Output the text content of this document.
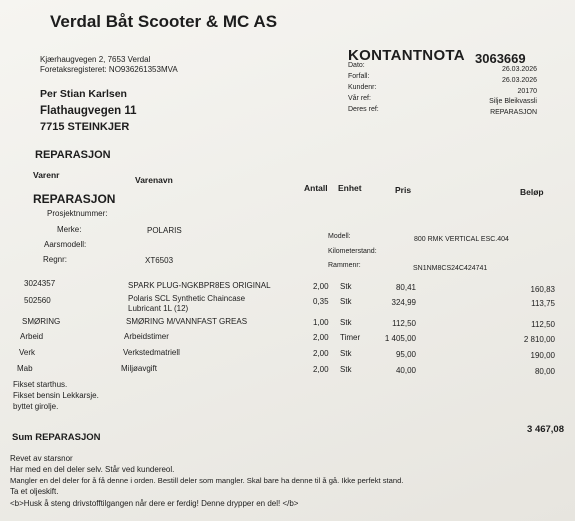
Verdal Båt Scooter & MC AS
Kjærhaugvegen 2, 7653 Verdal
Foretaksregisteret: NO936261353MVA
KONTANTNOTA 3063669
Dato:
26.03.2026
Forfall:
26.03.2026
Kundenr:
20170
Vår ref:	Silje Bleikvassli
Deres ref:	REPARASJON
Per Stian Karlsen
Flathaugvegen 11
7715 STEINKJER
REPARASJON
Varenr	Varenavn
Antall Enhet	Pris	Beløp
REPARASJON
Prosjektnummer:
Merke:	POLARIS
Aarsmodell:
Regnr:	XT6503
Modell:	800 RMK VERTICAL ESC.404
Kilometerstand:
Rammenr:	SN1NM8CS24C424741
3024357	SPARK PLUG-NGKBPR8ES ORIGINAL	2,00 Stk	80,41	160,83
502560	Polaris SCL Synthetic Chaincase
Lubricant 1L (12)
0,35 Stk	324,99	113,75
SMØRING	SMØRING M/VANNFAST GREAS	1,00 Stk	112,50	112,50
Arbeid	Arbeidstimer	2,00 Timer	1 405,00	2 810,00
Verk	Verkstedmatriell	2,00 Stk	95,00	190,00
Mab	Miljøavgift	2,00 Stk	40,00	80,00
Fikset starthus.
Fikset bensin Lekkarsje.
byttet girolje.
Sum REPARASJON
3 467,08
Revet av starsnor
Har med en del deler selv. Står ved kundereol.
Mangler en del deler for å få denne i orden. Bestill deler som mangler. Skal bare ha denne til å gå. Ikke perfekt stand.
Ta et oljeskift.
<b>Husk å steng drivstofftilgangen når dere er ferdig! Denne drypper en del! </b>
